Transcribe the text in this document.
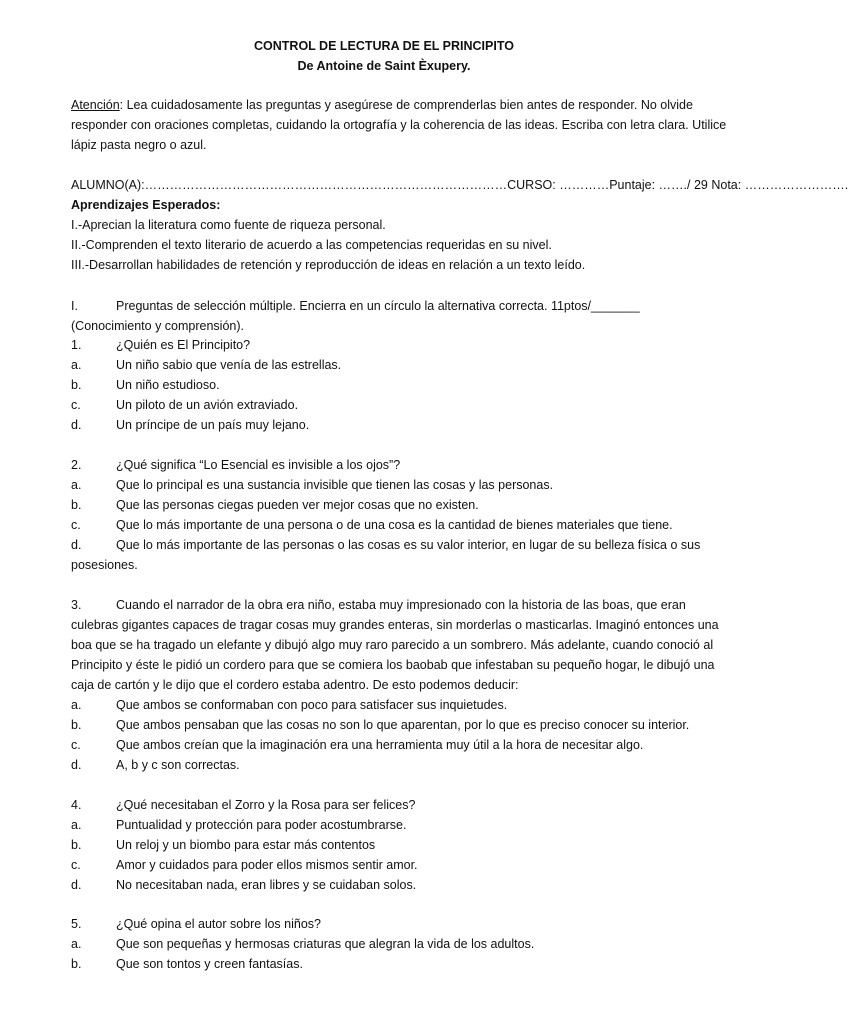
CONTROL DE LECTURA DE EL PRINCIPITO
De Antoine de Saint Èxupery.
Atención: Lea cuidadosamente las preguntas y asegúrese de comprenderlas bien antes de responder. No olvide
responder con oraciones completas, cuidando la ortografía y la coherencia de las ideas. Escriba con letra clara. Utilice
lápiz pasta negro o azul.
ALUMNO(A):……………………………………………………………………………CURSO: …………Puntaje: ……./ 29 Nota: …………………….
Aprendizajes Esperados:
I.-Aprecian la literatura como fuente de riqueza personal.
II.-Comprenden el texto literario de acuerdo a las competencias requeridas en su nivel.
III.-Desarrollan habilidades de retención y reproducción de ideas en relación a un texto leído.
I.	Preguntas de selección múltiple. Encierra en un círculo la alternativa correcta. 11ptos/_______
(Conocimiento y comprensión).
1.	¿Quién es El Principito?
a.	Un niño sabio que venía de las estrellas.
b.	Un niño estudioso.
c.	Un piloto de un avión extraviado.
d.	Un príncipe de un país muy lejano.
2.	¿Qué significa “Lo Esencial es invisible a los ojos”?
a.	Que lo principal es una sustancia invisible que tienen las cosas y las personas.
b.	Que las personas ciegas pueden ver mejor cosas que no existen.
c.	Que lo más importante de una persona o de una cosa es la cantidad de bienes materiales que tiene.
d.	Que lo más importante de las personas o las cosas es su valor interior, en lugar de su belleza física o sus
posesiones.
3.	Cuando el narrador de la obra era niño, estaba muy impresionado con la historia de las boas, que eran
culebras gigantes capaces de tragar cosas muy grandes enteras, sin morderlas o masticarlas. Imaginó entonces una
boa que se ha tragado un elefante y dibujó algo muy raro parecido a un sombrero. Más adelante, cuando conoció al
Principito y éste le pidió un cordero para que se comiera los baobab que infestaban su pequeño hogar, le dibujó una
caja de cartón y le dijo que el cordero estaba adentro. De esto podemos deducir:
a.	Que ambos se conformaban con poco para satisfacer sus inquietudes.
b.	Que ambos pensaban que las cosas no son lo que aparentan, por lo que es preciso conocer su interior.
c.	Que ambos creían que la imaginación era una herramienta muy útil a la hora de necesitar algo.
d.	A, b y c son correctas.
4.	¿Qué necesitaban el Zorro y la Rosa para ser felices?
a.	Puntualidad y protección para poder acostumbrarse.
b.	Un reloj y un biombo para estar más contentos
c.	Amor y cuidados para poder ellos mismos sentir amor.
d.	No necesitaban nada, eran libres y se cuidaban solos.
5.	¿Qué opina el autor sobre los niños?
a.	Que son pequeñas y hermosas criaturas que alegran la vida de los adultos.
b.	Que son tontos y creen fantasías.
